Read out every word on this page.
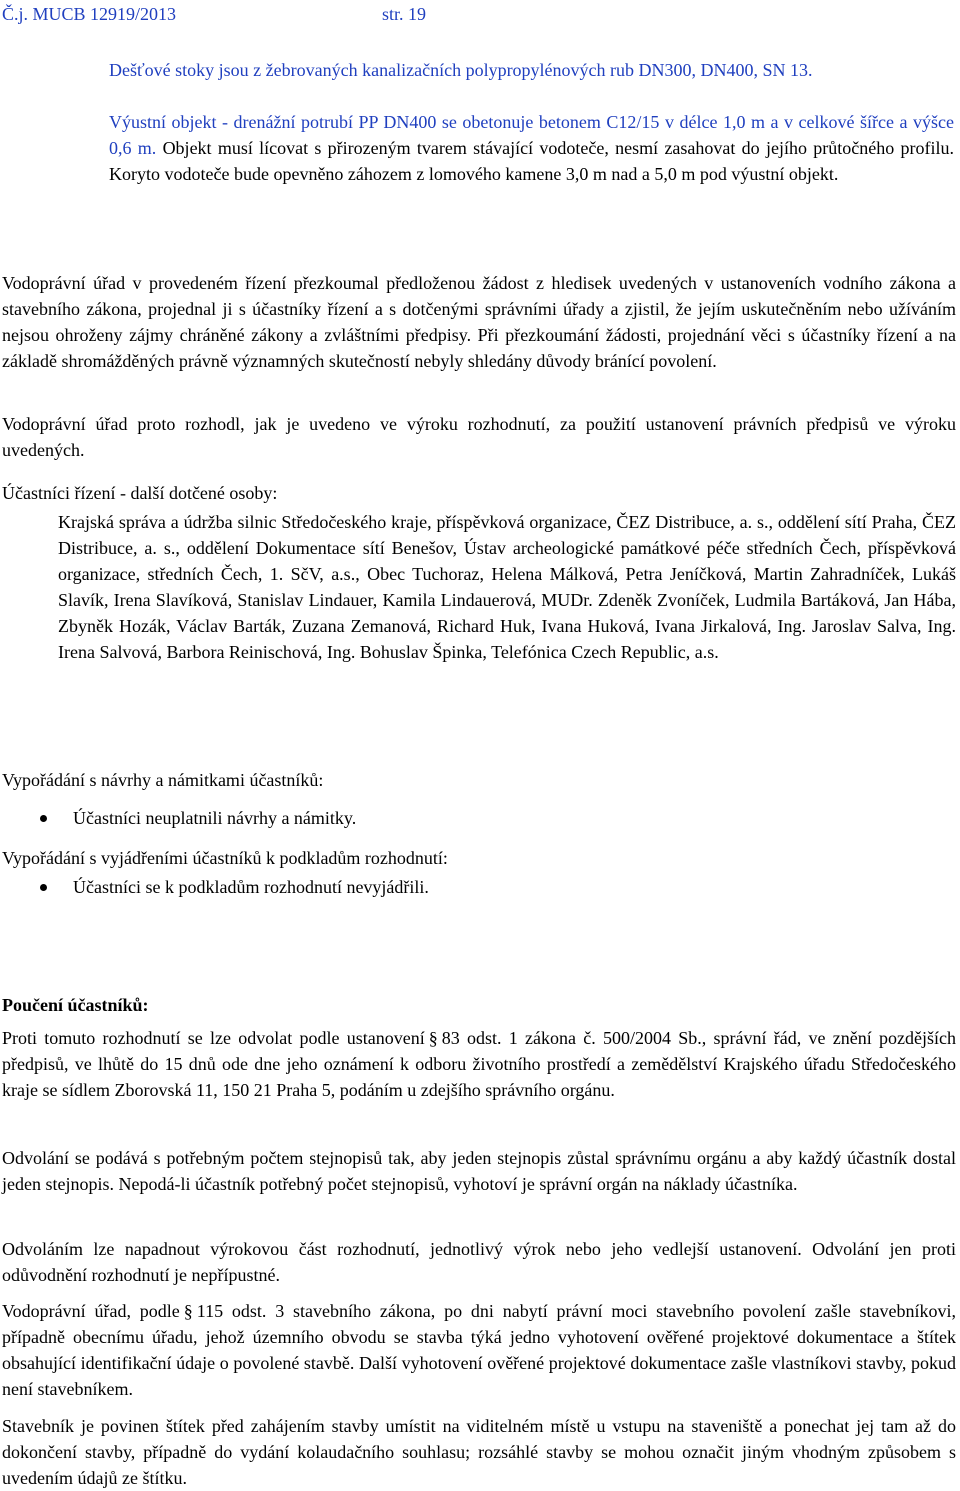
Č.j. MUCB 12919/2013	str. 19
Dešťové stoky jsou z žebrovaných kanalizačních polypropylénových rub DN300, DN400, SN 13.
Výustní objekt - drenážní potrubí PP DN400 se obetonuje betonem C12/15 v délce 1,0 m a v celkové šířce a výšce 0,6 m. Objekt musí lícovat s přirozeným tvarem stávající vodoteče, nesmí zasahovat do jejího průtočného profilu. Koryto vodoteče bude opevněno záhozem z lomového kamene 3,0 m nad a 5,0 m pod výustní objekt.
Vodoprávní úřad v provedeném řízení přezkoumal předloženou žádost z hledisek uvedených v ustanoveních vodního zákona a stavebního zákona, projednal ji s účastníky řízení a s dotčenými správními úřady a zjistil, že jejím uskutečněním nebo užíváním nejsou ohroženy zájmy chráněné zákony a zvláštními předpisy. Při přezkoumání žádosti, projednání věci s účastníky řízení a na základě shromážděných právně významných skutečností nebyly shledány důvody bránící povolení.
Vodoprávní úřad proto rozhodl, jak je uvedeno ve výroku rozhodnutí, za použití ustanovení právních předpisů ve výroku uvedených.
Účastníci řízení - další dotčené osoby:
Krajská správa a údržba silnic Středočeského kraje, příspěvková organizace, ČEZ Distribuce, a. s., oddělení sítí Praha, ČEZ Distribuce, a. s., oddělení Dokumentace sítí Benešov, Ústav archeologické památkové péče středních Čech, příspěvková organizace, středních Čech, 1. SčV, a.s., Obec Tuchoraz, Helena Málková, Petra Jeníčková, Martin Zahradníček, Lukáš Slavík, Irena Slavíková, Stanislav Lindauer, Kamila Lindauerová, MUDr. Zdeněk Zvoníček, Ludmila Bartáková, Jan Hába, Zbyněk Hozák, Václav Barták, Zuzana Zemanová, Richard Huk, Ivana Huková, Ivana Jirkalová, Ing. Jaroslav Salva, Ing. Irena Salvová, Barbora Reinischová, Ing. Bohuslav Špinka, Telefónica Czech Republic, a.s.
Vypořádání s návrhy a námitkami účastníků:
Účastníci neuplatnili návrhy a námitky.
Vypořádání s vyjádřeními účastníků k podkladům rozhodnutí:
Účastníci se k podkladům rozhodnutí nevyjádřili.
Poučení účastníků:
Proti tomuto rozhodnutí se lze odvolat podle ustanovení § 83 odst. 1 zákona č. 500/2004 Sb., správní řád, ve znění pozdějších předpisů, ve lhůtě do 15 dnů ode dne jeho oznámení k odboru životního prostředí a zemědělství Krajského úřadu Středočeského kraje se sídlem Zborovská 11, 150 21 Praha 5, podáním u zdejšího správního orgánu.
Odvolání se podává s potřebným počtem stejnopisů tak, aby jeden stejnopis zůstal správnímu orgánu a aby každý účastník dostal jeden stejnopis. Nepodá-li účastník potřebný počet stejnopisů, vyhotoví je správní orgán na náklady účastníka.
Odvoláním lze napadnout výrokovou část rozhodnutí, jednotlivý výrok nebo jeho vedlejší ustanovení. Odvolání jen proti odůvodnění rozhodnutí je nepřípustné.
Vodoprávní úřad, podle § 115 odst. 3 stavebního zákona, po dni nabytí právní moci stavebního povolení zašle stavebníkovi, případně obecnímu úřadu, jehož územního obvodu se stavba týká jedno vyhotovení ověřené projektové dokumentace a štítek obsahující identifikační údaje o povolené stavbě. Další vyhotovení ověřené projektové dokumentace zašle vlastníkovi stavby, pokud není stavebníkem.
Stavebník je povinen štítek před zahájením stavby umístit na viditelném místě u vstupu na staveniště a ponechat jej tam až do dokončení stavby, případně do vydání kolaudačního souhlasu; rozsáhlé stavby se mohou označit jiným vhodným způsobem s uvedením údajů ze štítku.
